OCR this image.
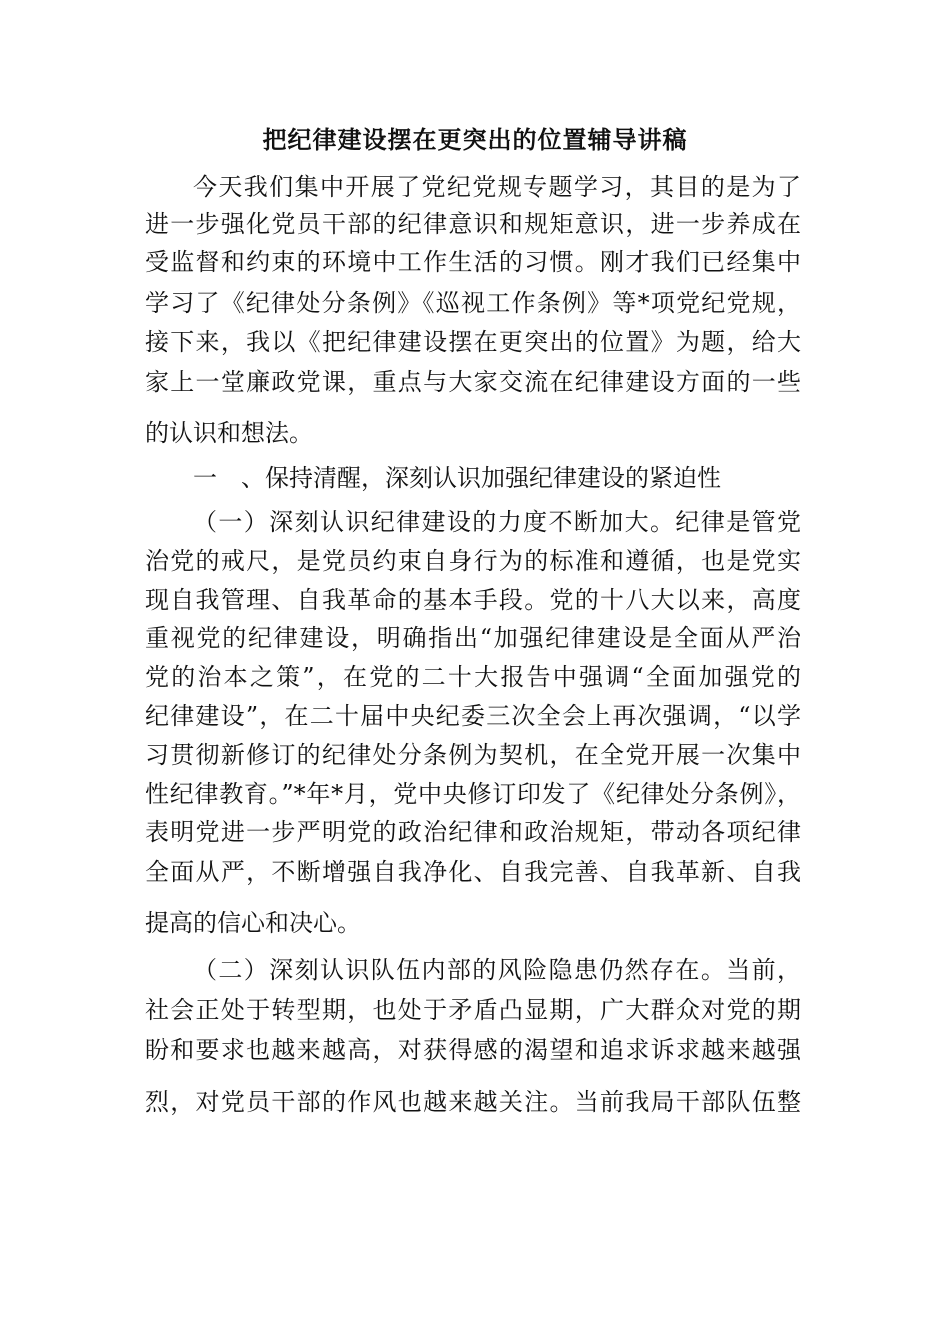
把纪律建设摆在更突出的位置辅导讲稿
今天我们集中开展了党纪党规专题学习，其目的是为了
进一步强化党员干部的纪律意识和规矩意识，进一步养成在
受监督和约束的环境中工作生活的习惯。刚才我们已经集中
学习了《纪律处分条例》《巡视工作条例》等*项党纪党规，
接下来，我以《把纪律建设摆在更突出的位置》为题，给大
家上一堂廉政党课，重点与大家交流在纪律建设方面的一些
的认识和想法。
一　、保持清醒，深刻认识加强纪律建设的紧迫性
（一）深刻认识纪律建设的力度不断加大。纪律是管党
治党的戒尺，是党员约束自身行为的标准和遵循，也是党实
现自我管理、自我革命的基本手段。党的十八大以来，高度
重视党的纪律建设，明确指出“加强纪律建设是全面从严治
党的治本之策”，在党的二十大报告中强调“全面加强党的
纪律建设”，在二十届中央纪委三次全会上再次强调，“以学
习贯彻新修订的纪律处分条例为契机，在全党开展一次集中
性纪律教育。”*年*月，党中央修订印发了《纪律处分条例》，
表明党进一步严明党的政治纪律和政治规矩，带动各项纪律
全面从严，不断增强自我净化、自我完善、自我革新、自我
提高的信心和决心。
（二）深刻认识队伍内部的风险隐患仍然存在。当前，
社会正处于转型期，也处于矛盾凸显期，广大群众对党的期
盼和要求也越来越高，对获得感的渴望和追求诉求越来越强
烈，对党员干部的作风也越来越关注。当前我局干部队伍整
